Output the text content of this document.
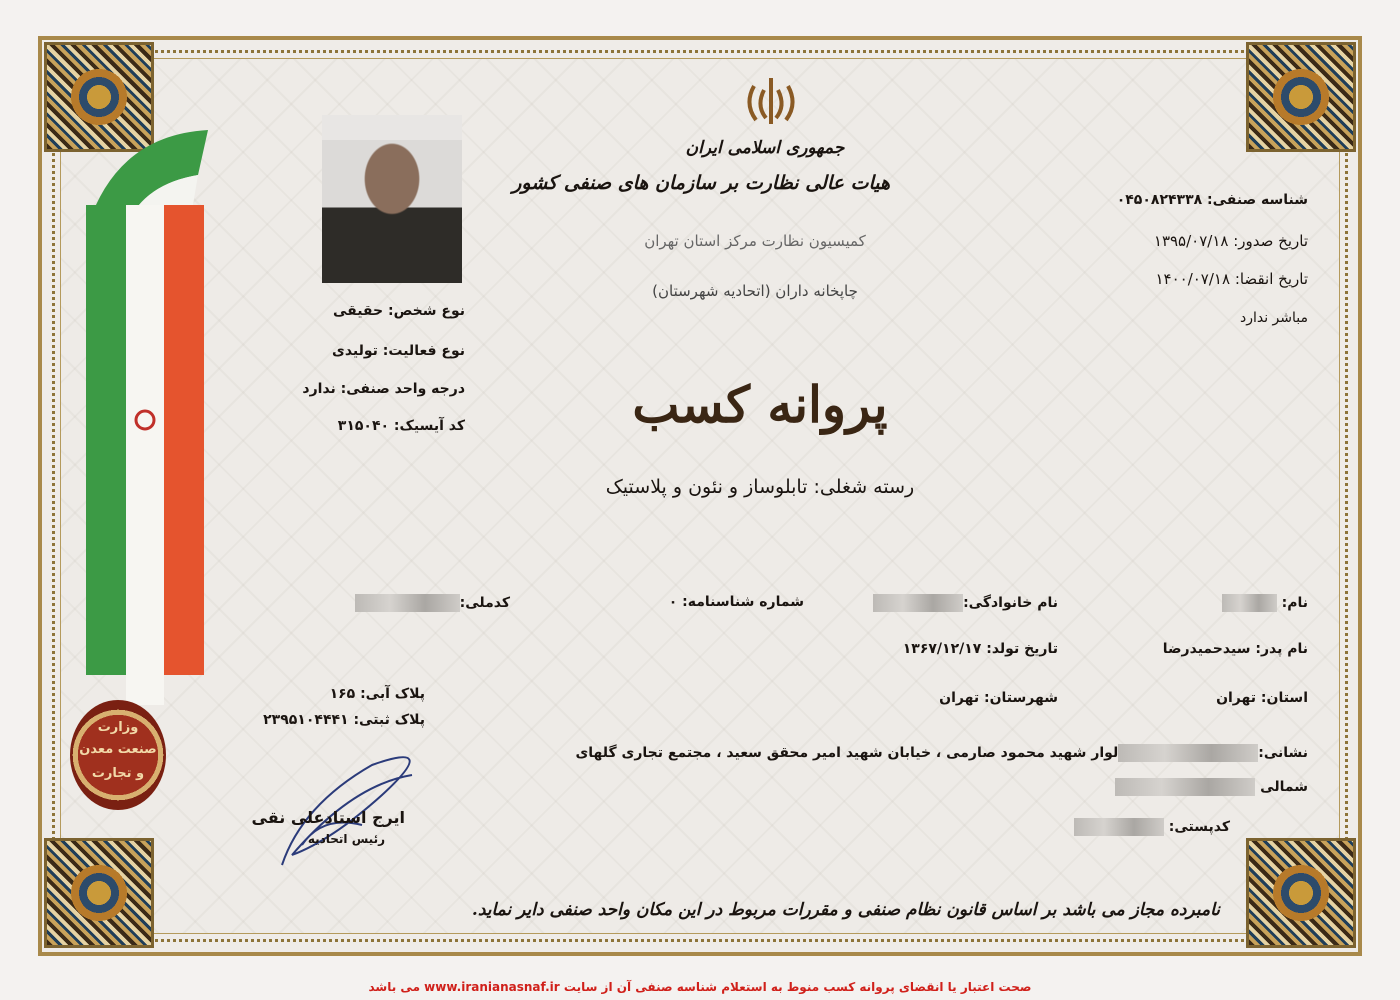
وزارت
صنعت معدن
و تجارت
جمهوری اسلامی ایران
هیات عالی نظارت بر سازمان های صنفی کشور
کمیسیون نظارت مرکز استان تهران
چاپخانه داران (اتحادیه شهرستان)
شناسه صنفی: ۰۴۵۰۸۲۴۳۳۸
تاریخ صدور: ۱۳۹۵/۰۷/۱۸
تاریخ انقضا: ۱۴۰۰/۰۷/۱۸
مباشر ندارد
نوع شخص: حقیقی
نوع فعالیت: تولیدی
درجه واحد صنفی: ندارد
کد آیسیک: ۳۱۵۰۴۰	پروانه کسب
رسته شغلی: تابلوساز و نئون و پلاستیک
نام:
نام خانوادگی:
شماره شناسنامه: ۰
کدملی:
نام پدر: سیدحمیدرضا
تاریخ تولد: ۱۳۶۷/۱۲/۱۷
استان: تهران
شهرستان: تهران
پلاک آبی: ۱۶۵
پلاک ثبتی: ۲۳۹۵۱۰۴۴۴۱
نشانی:لوار شهید محمود صارمی ، خیابان شهید امیر محقق سعید ، مجتمع تجاری گلهای
شمالی
کدپستی:
ایرج استادعلی نقی
رئیس اتحادیه
نامبرده مجاز می باشد بر اساس قانون نظام صنفی و مقررات مربوط در این مکان واحد صنفی دایر نماید.
صحت اعتبار یا انقضای پروانه کسب منوط به استعلام شناسه صنفی آن از سایت www.iranianasnaf.ir می باشد
